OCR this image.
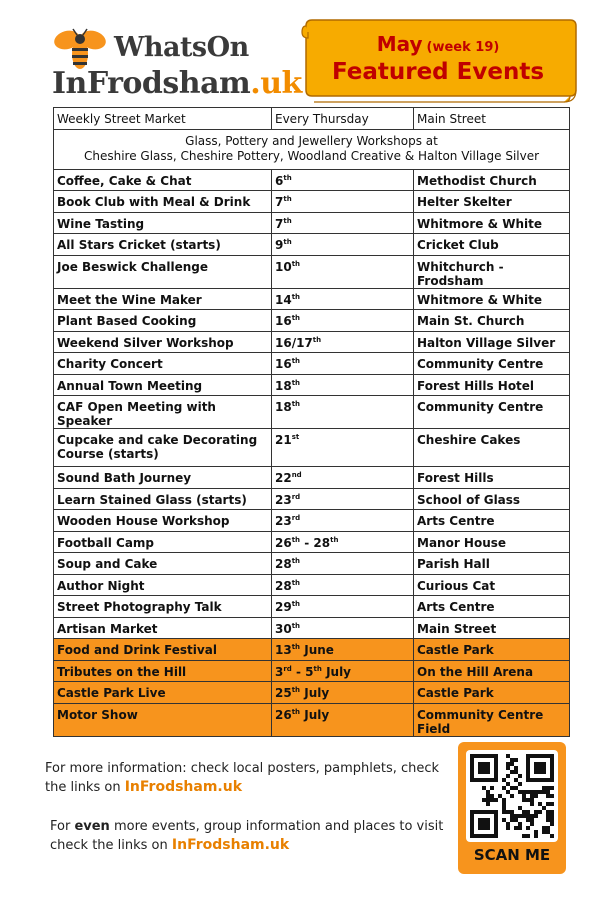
WhatsOn
InFrodsham.uk
May (week 19)
Featured Events
Weekly Street Market	Every Thursday	Main Street

Glass, Pottery and Jewellery Workshops at
Cheshire Glass, Cheshire Pottery, Woodland Creative & Halton Village Silver		

Coffee, Cake & Chat	6th	Methodist Church
Book Club with Meal & Drink	7th	Helter Skelter
Wine Tasting	7th	Whitmore & White
All Stars Cricket (starts)	9th	Cricket Club
Joe Beswick Challenge	10th	Whitchurch - Frodsham
Meet the Wine Maker	14th	Whitmore & White
Plant Based Cooking	16th	Main St. Church
Weekend Silver Workshop	16/17th	Halton Village Silver
Charity Concert	16th	Community Centre
Annual Town Meeting	18th	Forest Hills Hotel
CAF Open Meeting with Speaker	18th	Community Centre
Cupcake and cake Decorating Course (starts)	21st	Cheshire Cakes
Sound Bath Journey	22nd	Forest Hills
Learn Stained Glass (starts)	23rd	School of Glass
Wooden House Workshop	23rd	Arts Centre
Football Camp	26th - 28th	Manor House
Soup and Cake	28th	Parish Hall
Author Night	28th	Curious Cat
Street Photography Talk	29th	Arts Centre
Artisan Market	30th	Main Street
Food and Drink Festival	13th June	Castle Park
Tributes on the Hill	3rd - 5th July	On the Hill Arena
Castle Park Live	25th July	Castle Park
Motor Show	26th July	Community Centre Field
For more information: check local posters, pamphlets, check the links on InFrodsham.uk
For even more events, group information and places to visit check the links on InFrodsham.uk
SCAN ME
